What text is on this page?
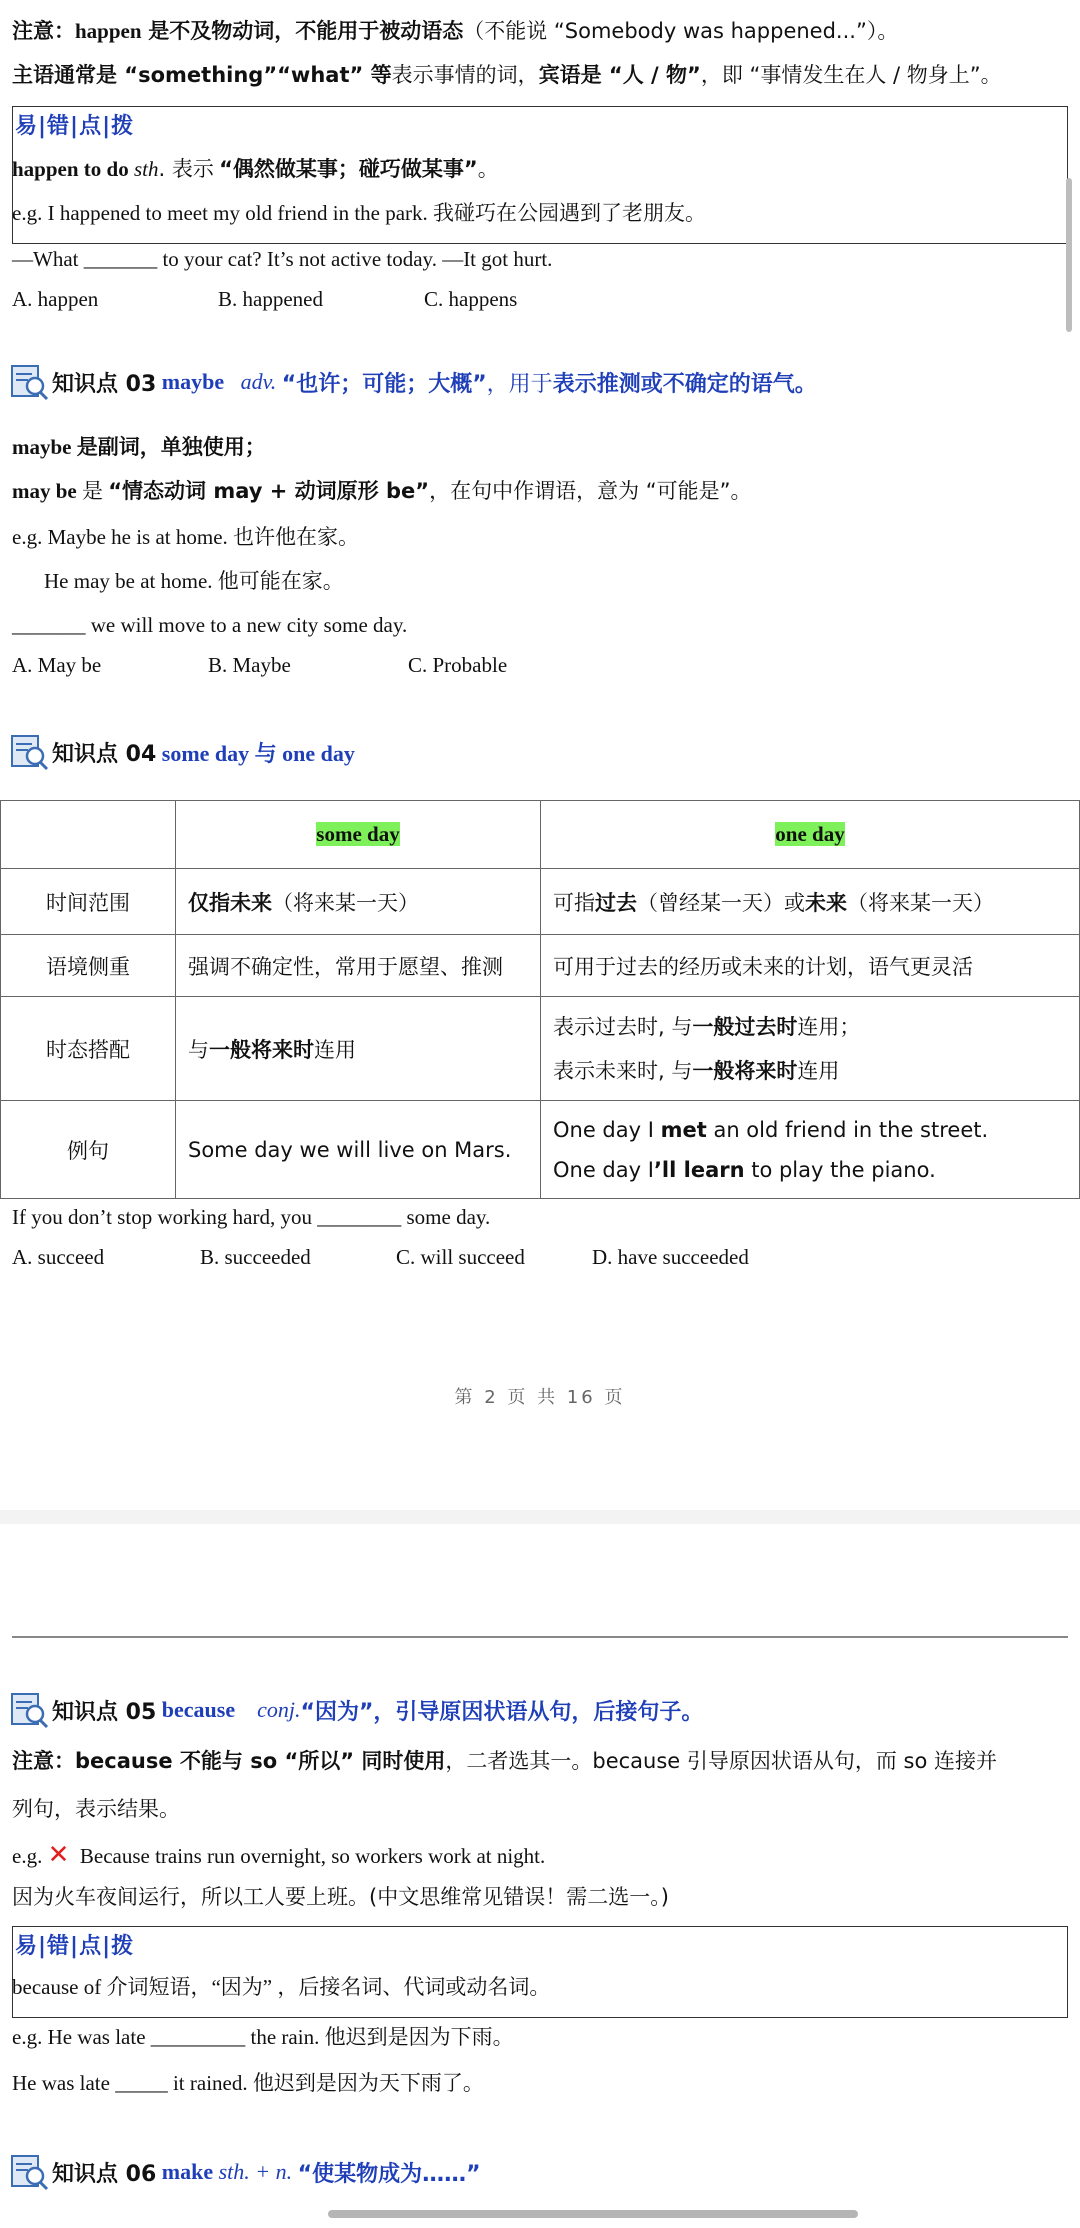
注意：happen 是不及物动词，不能用于被动语态（不能说 “Somebody was happened...”）。
主语通常是 “something”“what” 等表示事情的词，宾语是 “人 / 物”，即 “事情发生在人 / 物身上”。
易|错|点|拨
happen to do sth. 表示 “偶然做某事；碰巧做某事”。
e.g. I happened to meet my old friend in the park. 我碰巧在公园遇到了老朋友。
—What _______ to your cat? It’s not active today. —It got hurt.
A. happen	B. happened	C. happens
知识点 03
maybe
adv.
“也许；可能；大概” ，用于 表示推测或不确定的语气。
maybe 是副词，单独使用；
may be 是 “情态动词 may + 动词原形 be”，在句中作谓语，意为 “可能是”。
e.g. Maybe he is at home. 也许他在家。
He may be at home. 他可能在家。
_______ we will move to a new city some day.
A. May be	B. Maybe	C. Probable
知识点 04
some day 与 one day
	some day	one day
时间范围	仅指未来（将来某一天）	可指过去（曾经某一天）或未来（将来某一天）
语境侧重	强调不确定性，常用于愿望、推测	可用于过去的经历或未来的计划，语气更灵活
时态搭配	与一般将来时连用	表示过去时, 与一般过去时连用；
表示未来时, 与一般将来时连用

例句	Some day we will live on Mars.	One day I met an old friend in the street.
One day I’ll learn to play the piano.
If you don’t stop working hard, you ________ some day.
A. succeed	B. succeeded	C. will succeed	D. have succeeded
第 2 页 共 16 页
知识点 05
because
conj. “因为”，引导原因状语从句，后接句子。
注意：because 不能与 so “所以” 同时使用，二者选其一。because 引导原因状语从句，而 so 连接并
列句，表示结果。
e.g. ✕ Because trains run overnight, so workers work at night.
因为火车夜间运行，所以工人要上班。(中文思维常见错误！需二选一。)
易|错|点|拨
because of 介词短语，“因为” ，后接名词、代词或动名词。
e.g. He was late _________ the rain. 他迟到是因为下雨。
He was late _____ it rained. 他迟到是因为天下雨了。
知识点 06
make
sth. + n.
“使某物成为……”
